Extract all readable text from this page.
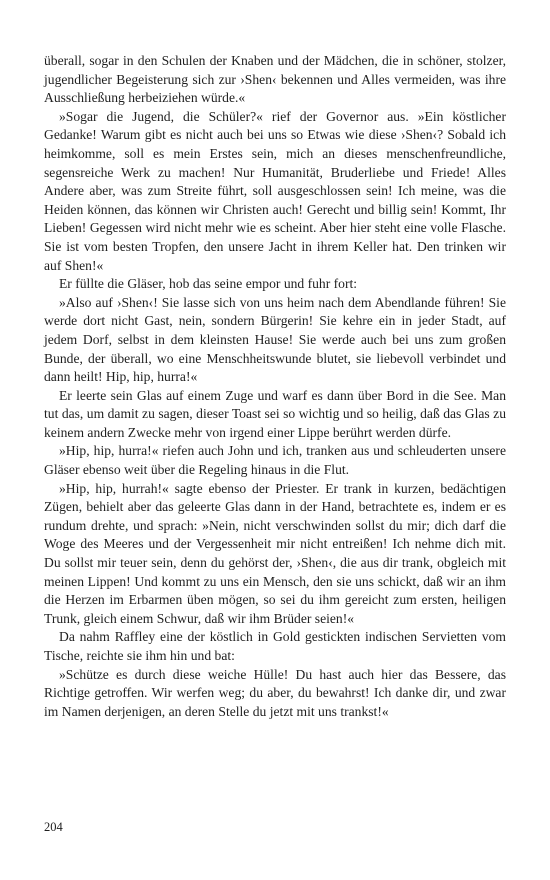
überall, sogar in den Schulen der Knaben und der Mädchen, die in schöner, stolzer, jugendlicher Begeisterung sich zur ›Shen‹ bekennen und Alles vermeiden, was ihre Ausschließung herbeiziehen würde.«

»Sogar die Jugend, die Schüler?« rief der Governor aus. »Ein köstlicher Gedanke! Warum gibt es nicht auch bei uns so Etwas wie diese ›Shen‹? Sobald ich heimkomme, soll es mein Erstes sein, mich an dieses menschenfreundliche, segensreiche Werk zu machen! Nur Humanität, Bruderliebe und Friede! Alles Andere aber, was zum Streite führt, soll ausgeschlossen sein! Ich meine, was die Heiden können, das können wir Christen auch! Gerecht und billig sein! Kommt, Ihr Lieben! Gegessen wird nicht mehr wie es scheint. Aber hier steht eine volle Flasche. Sie ist vom besten Tropfen, den unsere Jacht in ihrem Keller hat. Den trinken wir auf Shen!«

Er füllte die Gläser, hob das seine empor und fuhr fort:

»Also auf ›Shen‹! Sie lasse sich von uns heim nach dem Abendlande führen! Sie werde dort nicht Gast, nein, sondern Bürgerin! Sie kehre ein in jeder Stadt, auf jedem Dorf, selbst in dem kleinsten Hause! Sie werde auch bei uns zum großen Bunde, der überall, wo eine Menschheitswunde blutet, sie liebevoll verbindet und dann heilt! Hip, hip, hurra!«

Er leerte sein Glas auf einem Zuge und warf es dann über Bord in die See. Man tut das, um damit zu sagen, dieser Toast sei so wichtig und so heilig, daß das Glas zu keinem andern Zwecke mehr von irgend einer Lippe berührt werden dürfe.

»Hip, hip, hurra!« riefen auch John und ich, tranken aus und schleuderten unsere Gläser ebenso weit über die Regeling hinaus in die Flut.

»Hip, hip, hurrah!« sagte ebenso der Priester. Er trank in kurzen, bedächtigen Zügen, behielt aber das geleerte Glas dann in der Hand, betrachtete es, indem er es rundum drehte, und sprach: »Nein, nicht verschwinden sollst du mir; dich darf die Woge des Meeres und der Vergessenheit mir nicht entreißen! Ich nehme dich mit. Du sollst mir teuer sein, denn du gehörst der, ›Shen‹, die aus dir trank, obgleich mit meinen Lippen! Und kommt zu uns ein Mensch, den sie uns schickt, daß wir an ihm die Herzen im Erbarmen üben mögen, so sei du ihm gereicht zum ersten, heiligen Trunk, gleich einem Schwur, daß wir ihm Brüder seien!«

Da nahm Raffley eine der köstlich in Gold gestickten indischen Servietten vom Tische, reichte sie ihm hin und bat:

»Schütze es durch diese weiche Hülle! Du hast auch hier das Bessere, das Richtige getroffen. Wir werfen weg; du aber, du bewahrst! Ich danke dir, und zwar im Namen derjenigen, an deren Stelle du jetzt mit uns trankst!«

204
